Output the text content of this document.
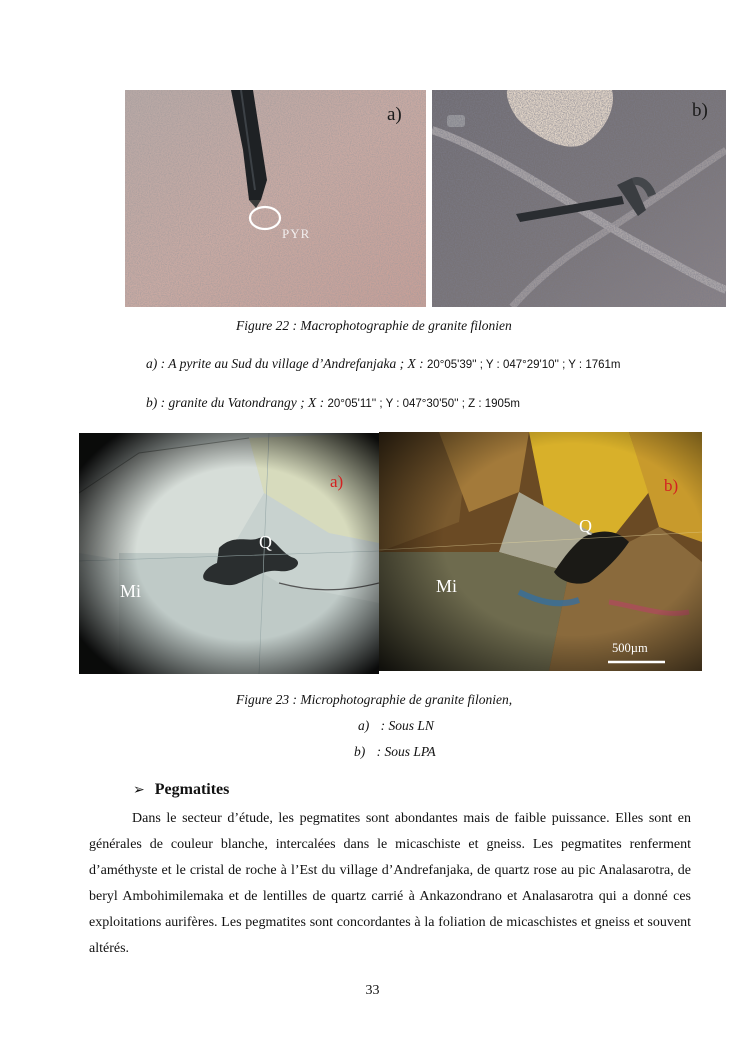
a)
PYR
b)
Figure 22 : Macrophotographie de granite filonien
a) : A pyrite au Sud du village d’Andrefanjaka ; X : 20°05'39'' ; Y : 047°29'10'' ; Y : 1761m
b) : granite du Vatondrangy ; X : 20°05'11'' ; Y : 047°30'50'' ; Z : 1905m
a)
Q
Mi
b)
Q
Mi
500µm
Figure 23 : Microphotographie de granite filonien,
a) : Sous LN
b) : Sous LPA
➢ Pegmatites
Dans le secteur d’étude, les pegmatites sont abondantes mais de faible puissance. Elles sont en générales de couleur blanche, intercalées dans le micaschiste et gneiss. Les pegmatites renferment d’améthyste et le cristal de roche à l’Est du village d’Andrefanjaka, de quartz rose au pic Analasarotra, de beryl Ambohimilemaka et de lentilles de quartz carrié à Ankazondrano et Analasarotra qui a donné ces exploitations aurifères. Les pegmatites sont concordantes à la foliation de micaschistes et gneiss et souvent altérés.
33
